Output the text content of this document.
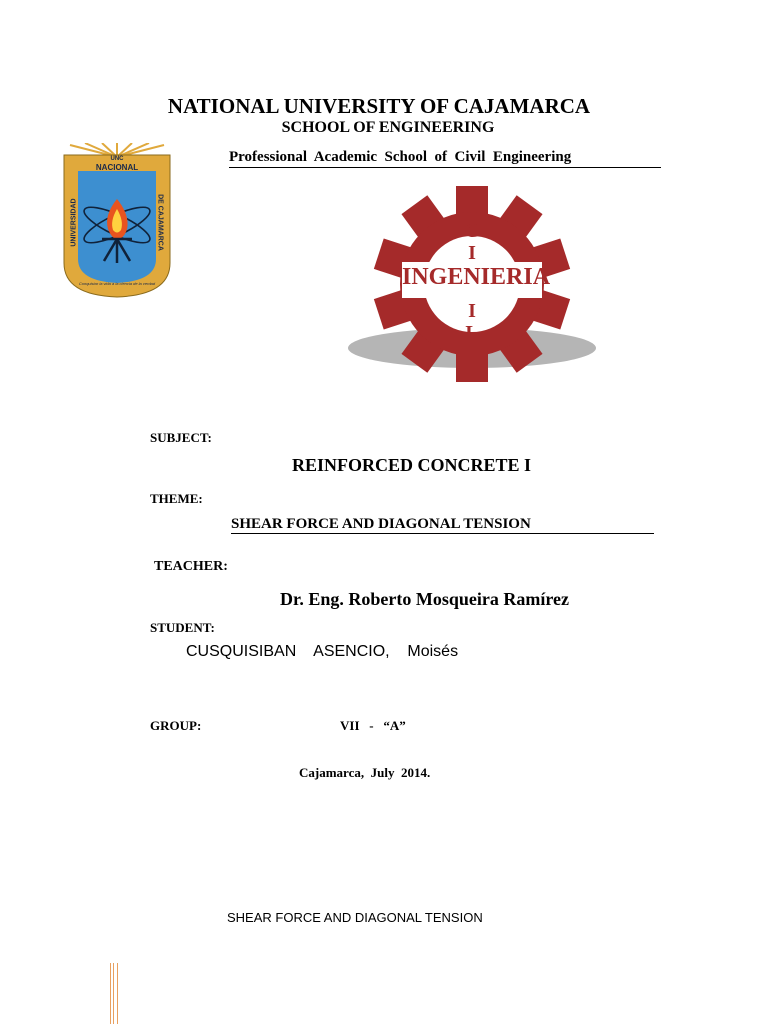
NATIONAL UNIVERSITY OF CAJAMARCA
SCHOOL OF ENGINEERING
Professional  Academic  School  of  Civil  Engineering
UNC
NACIONAL
UNIVERSIDAD	DE CAJAMARCA
Conquistar la vida a la ciencia de la verdad
C
I
I
L
INGENIERIA
SUBJECT:
REINFORCED CONCRETE I
THEME:
SHEAR FORCE AND DIAGONAL TENSION
TEACHER:
Dr. Eng. Roberto Mosqueira Ramírez
STUDENT:
CUSQUISIBAN    ASENCIO,    Moisés
GROUP:	VII   -   “A”
Cajamarca,  July  2014.
SHEAR FORCE AND DIAGONAL TENSION
